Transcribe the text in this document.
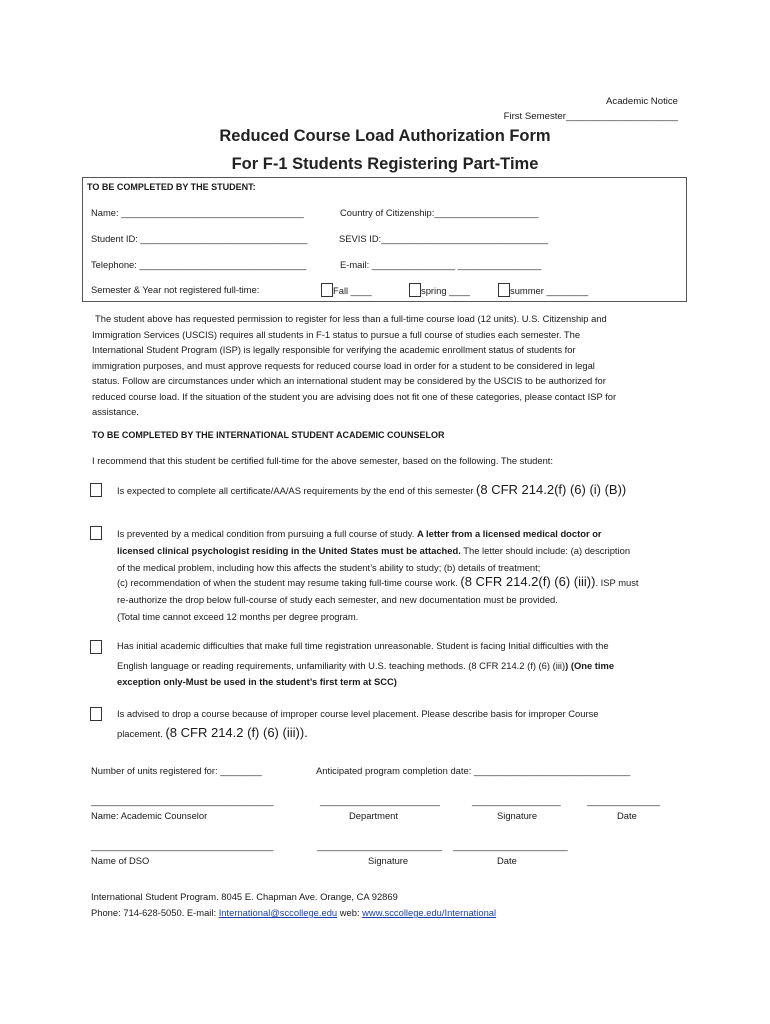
Academic Notice
First Semester_____________________
Reduced Course Load Authorization Form
For F-1 Students Registering Part-Time
TO BE COMPLETED BY THE STUDENT:
Name: ___________________________________	Country of Citizenship:____________________
Student ID: ________________________________	SEVIS ID:________________________________
Telephone: ________________________________	E-mail: ________________ ________________
Semester & Year not registered full-time:	Fall ____	spring ____	summer ________
The student above has requested permission to register for less than a full-time course load (12 units). U.S. Citizenship and
Immigration Services (USCIS) requires all students in F-1 status to pursue a full course of studies each semester. The
International Student Program (ISP) is legally responsible for verifying the academic enrollment status of students for
immigration purposes, and must approve requests for reduced course load in order for a student to be considered in legal
status. Follow are circumstances under which an international student may be considered by the USCIS to be authorized for
reduced course load. If the situation of the student you are advising does not fit one of these categories, please contact ISP for
assistance.
TO BE COMPLETED BY THE INTERNATIONAL STUDENT ACADEMIC COUNSELOR
I recommend that this student be certified full-time for the above semester, based on the following. The student:
Is expected to complete all certificate/AA/AS requirements by the end of this semester (8 CFR 214.2(f) (6) (i) (B))
Is prevented by a medical condition from pursuing a full course of study. A letter from a licensed medical doctor or
licensed clinical psychologist residing in the United States must be attached. The letter should include: (a) description
of the medical problem, including how this affects the student’s ability to study; (b) details of treatment;
(c) recommendation of when the student may resume taking full-time course work. (8 CFR 214.2(f) (6) (iii)). ISP must
re-authorize the drop below full-course of study each semester, and new documentation must be provided.
(Total time cannot exceed 12 months per degree program.
Has initial academic difficulties that make full time registration unreasonable. Student is facing Initial difficulties with the
English language or reading requirements, unfamiliarity with U.S. teaching methods. (8 CFR 214.2 (f) (6) (iii)) (One time
exception only-Must be used in the student’s first term at SCC)
Is advised to drop a course because of improper course level placement. Please describe basis for improper Course
placement. (8 CFR 214.2 (f) (6) (iii)).
Number of units registered for: ________	Anticipated program completion date: ______________________________
___________________________________	_______________________	_________________	______________
Name: Academic Counselor	Department	Signature	Date
___________________________________	________________________ ______________________
Name of DSO	Signature	Date
International Student Program. 8045 E. Chapman Ave. Orange, CA 92869
Phone: 714-628-5050. E-mail: International@sccollege.edu web: www.sccollege.edu/International
